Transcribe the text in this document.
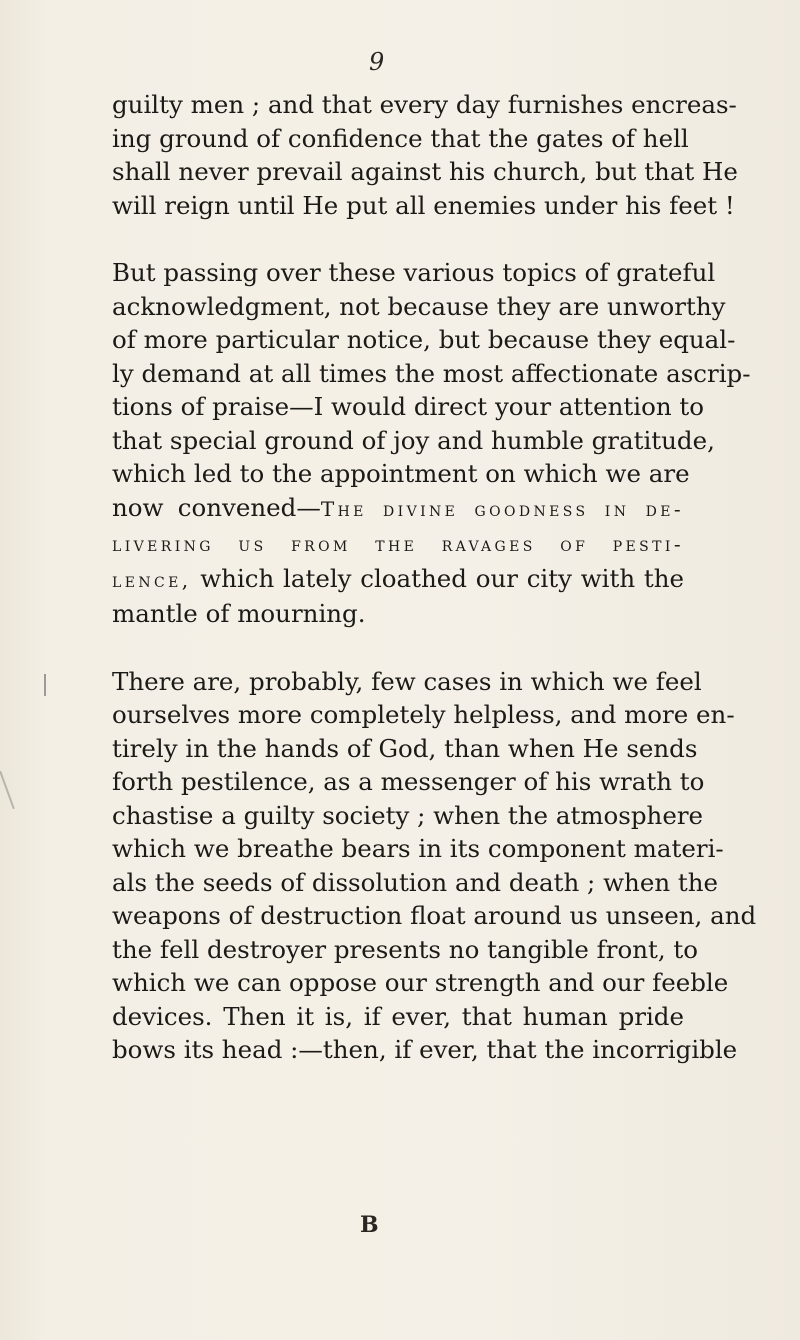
9

guilty men ; and that every day furnishes encreas-
ing ground of confidence that the gates of hell
shall never prevail against his church, but that He
will reign until He put all enemies under his feet !

But passing over these various topics of grateful
acknowledgment, not because they are unworthy
of more particular notice, but because they equal-
ly demand at all times the most affectionate ascrip-
tions of praise—I would direct your attention to
that special ground of joy and humble gratitude,
which led to the appointment on which we are
now convened—The divine goodness in de-
livering us from the ravages of pesti-
lence, which lately cloathed our city with the
mantle of mourning.

There are, probably, few cases in which we feel
ourselves more completely helpless, and more en-
tirely in the hands of God, than when He sends
forth pestilence, as a messenger of his wrath to
chastise a guilty society ; when the atmosphere
which we breathe bears in its component materi-
als the seeds of dissolution and death ; when the
weapons of destruction float around us unseen, and
the fell destroyer presents no tangible front, to
which we can oppose our strength and our feeble
devices. Then it is, if ever, that human pride
bows its head :—then, if ever, that the incorrigible

B
